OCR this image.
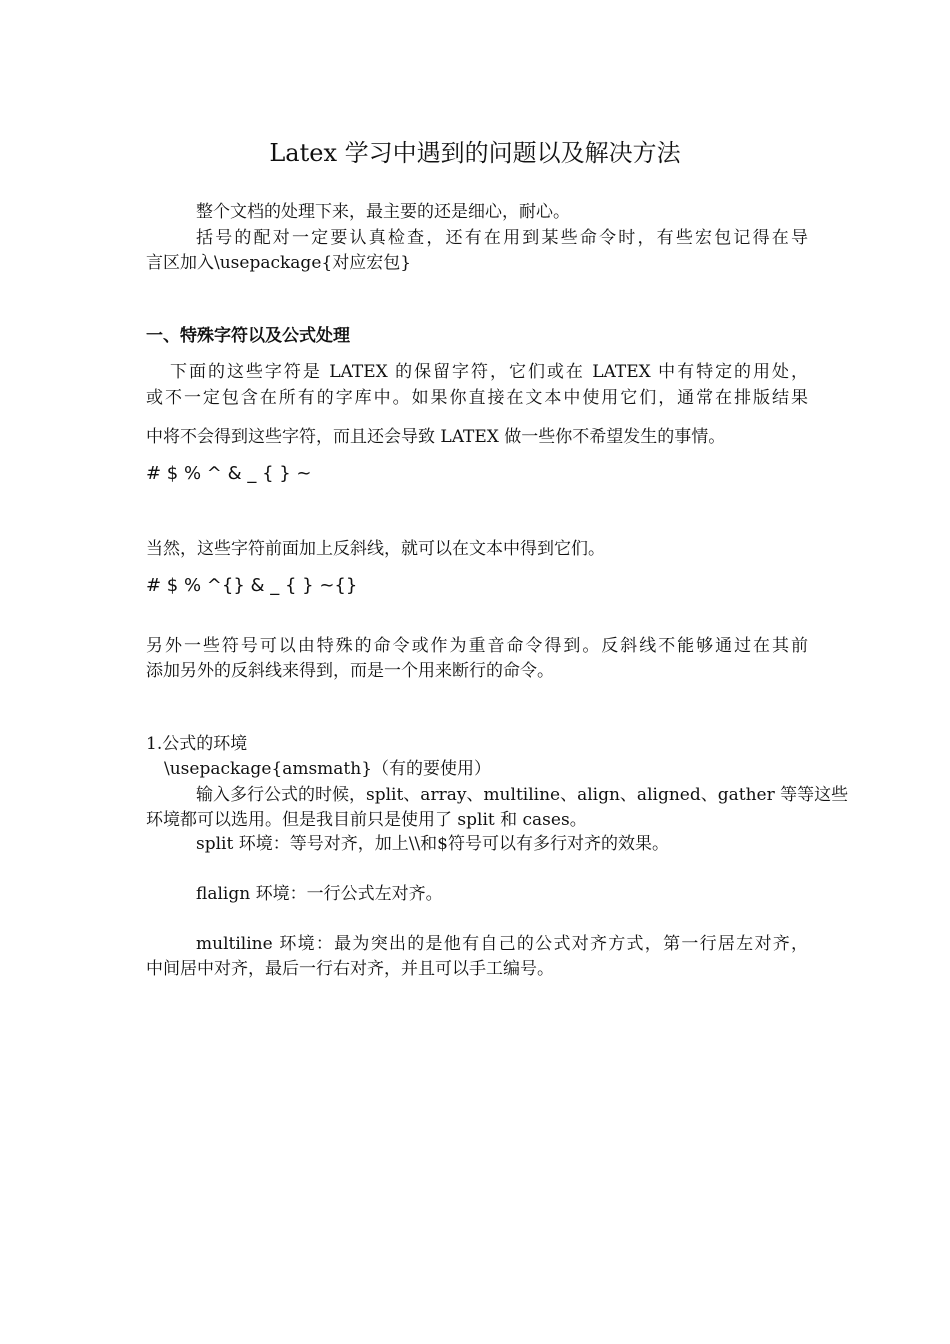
Latex 学习中遇到的问题以及解决方法
整个文档的处理下来，最主要的还是细心，耐心。
括号的配对一定要认真检查，还有在用到某些命令时，有些宏包记得在导
言区加入\usepackage{对应宏包}
一、特殊字符以及公式处理
下面的这些字符是 LATEX 的保留字符，它们或在 LATEX 中有特定的用处，
或不一定包含在所有的字库中。如果你直接在文本中使用它们，通常在排版结果
中将不会得到这些字符，而且还会导致 LATEX 做一些你不希望发生的事情。
# $ % ^ & _ { } ~
当然，这些字符前面加上反斜线，就可以在文本中得到它们。
# $ % ^{} & _ { } ~{}
另外一些符号可以由特殊的命令或作为重音命令得到。反斜线不能够通过在其前
添加另外的反斜线来得到，而是一个用来断行的命令。
1.公式的环境
\usepackage{amsmath}（有的要使用）
输入多行公式的时候，split、array、multiline、align、aligned、gather 等等这些
环境都可以选用。但是我目前只是使用了 split 和 cases。
split 环境：等号对齐，加上\\和$符号可以有多行对齐的效果。
flalign 环境：一行公式左对齐。
multiline 环境：最为突出的是他有自己的公式对齐方式，第一行居左对齐，
中间居中对齐，最后一行右对齐，并且可以手工编号。
